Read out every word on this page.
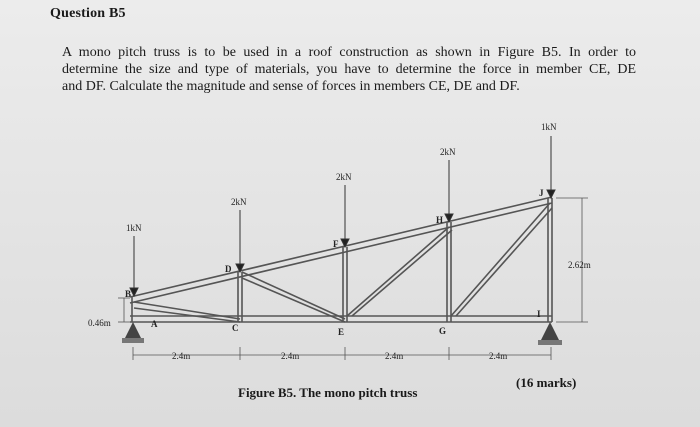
Question B5

A mono pitch truss is to be used in a roof construction as shown in Figure B5. In order to

determine the size and type of materials, you have to determine the force in member CE, DE

and DF. Calculate the magnitude and sense of forces in members CE, DE and DF.

1kN
2kN
2kN
2kN
1kN
A
B
C
D
E
F
G
H
I
J
0.46m
2.62m
2.4m	2.4m	2.4m	2.4m
Figure B5. The mono pitch truss
(16 marks)
